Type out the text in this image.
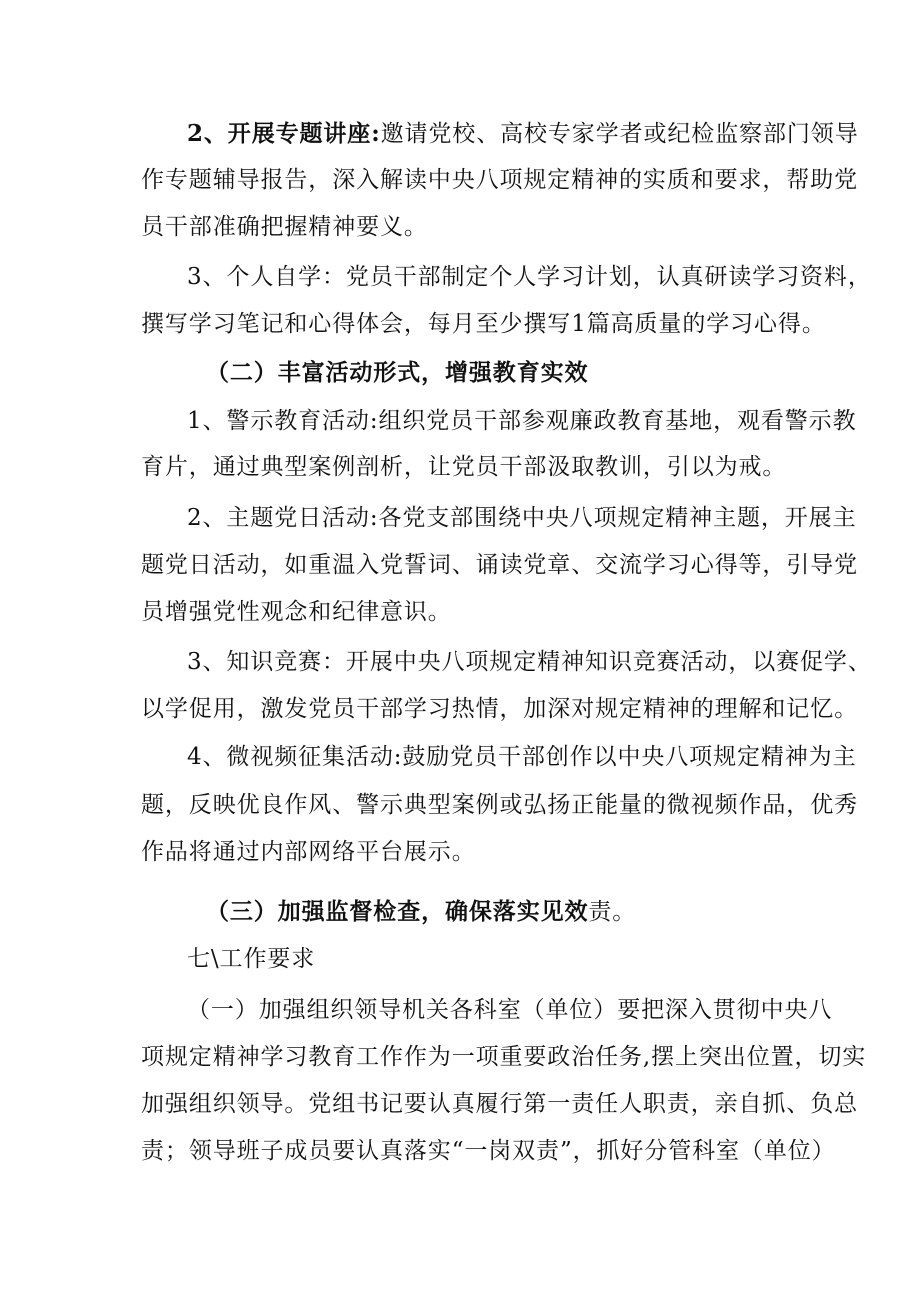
2、开展专题讲座:邀请党校、高校专家学者或纪检监察部门领导
作专题辅导报告，深入解读中央八项规定精神的实质和要求，帮助党
员干部准确把握精神要义。
3、个人自学：党员干部制定个人学习计划，认真研读学习资料，
撰写学习笔记和心得体会，每月至少撰写1篇高质量的学习心得。
（二）丰富活动形式，增强教育实效
1、警示教育活动:组织党员干部参观廉政教育基地，观看警示教
育片，通过典型案例剖析，让党员干部汲取教训，引以为戒。
2、主题党日活动:各党支部围绕中央八项规定精神主题，开展主
题党日活动，如重温入党誓词、诵读党章、交流学习心得等，引导党
员增强党性观念和纪律意识。
3、知识竞赛：开展中央八项规定精神知识竞赛活动，以赛促学、
以学促用，激发党员干部学习热情，加深对规定精神的理解和记忆。
4、微视频征集活动:鼓励党员干部创作以中央八项规定精神为主
题，反映优良作风、警示典型案例或弘扬正能量的微视频作品，优秀
作品将通过内部网络平台展示。
（三）加强监督检查，确保落实见效责。
七\工作要求
（一）加强组织领导机关各科室（单位）要把深入贯彻中央八
项规定精神学习教育工作作为一项重要政治任务,摆上突出位置，切实
加强组织领导。党组书记要认真履行第一责任人职责，亲自抓、负总
责；领导班子成员要认真落实“一岗双责”，抓好分管科室（单位）
